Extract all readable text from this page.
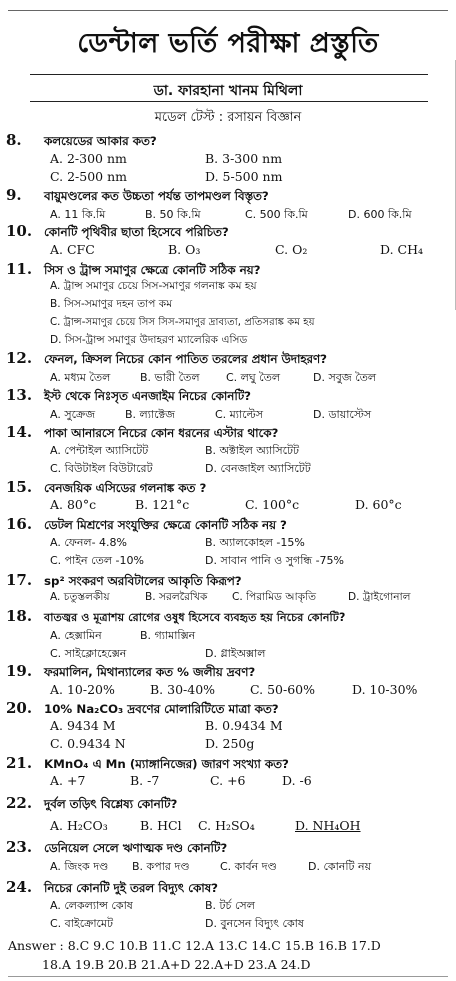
ডেন্টাল ভর্তি পরীক্ষা প্রস্তুতি
ডা. ফারহানা খানম মিথিলা
মডেল টেস্ট : রসায়ন বিজ্ঞান
8. কলয়েডের আকার কত?
A. 2-300 nm	B. 3-300 nm
C. 2-500 nm	D. 5-500 nm
9. বায়ুমণ্ডলের কত উচ্চতা পর্যন্ত তাপমণ্ডল বিস্তৃত?
A. 11 কি.মি	B. 50 কি.মি	C. 500 কি.মি	D. 600 কি.মি
10. কোনটি পৃথিবীর ছাতা হিসেবে পরিচিত?
A. CFC	B. O₃	C. O₂	D. CH₄
11. সিস ও ট্রান্স সমাণুর ক্ষেত্রে কোনটি সঠিক নয়?
A. ট্রান্স সমাণুর চেয়ে সিস-সমাণুর গলনাঙ্ক কম হয়
B. সিস-সমাণুর দহন তাপ কম
C. ট্রান্স-সমাণুর চেয়ে সিস সিস-সমাণুর দ্রাব্যতা, প্রতিসরাঙ্ক কম হয়
D. সিস-ট্রান্স সমাণুর উদাহরণ ম্যালেরিক এসিড
12. ফেনল, ক্রিসল নিচের কোন পাতিত তরলের প্রধান উদাহরণ?
A. মধ্যম তৈল	B. ভারী তৈল C. লঘু তৈল	D. সবুজ তৈল
13. ইস্ট থেকে নিঃসৃত এনজাইম নিচের কোনটি?
A. সুক্রেজ	B. ল্যাক্টেজ	C. ম্যাল্টেস	D. ডায়াস্টেস
14. পাকা আনারসে নিচের কোন ধরনের এস্টার থাকে?
A. পেন্টাইল অ্যাসিটেট	B. অক্টাইল অ্যাসিটেট
C. বিউটাইল বিউটারেট	D. বেনজাইল অ্যাসিটেট
15. বেনজয়িক এসিডের গলনাঙ্ক কত ?
A. 80°c	B. 121°c	C. 100°c	D. 60°c
16. ডেটল মিশ্রণের সংযুক্তির ক্ষেত্রে কোনটি সঠিক নয় ?
A. ফেনল- 4.8%	B. অ্যালকোহল -15%
C. পাইন তেল -10%	D. সাবান পানি ও সুগন্ধি -75%
17. sp² সংকরণ অরবিটালের আকৃতি কিরূপ?
A. চতুস্তলকীয়	B. সরলরৈখিক C. পিরামিড আকৃতি	D. ট্রাইগোনাল
18. বাতজ্বর ও মূত্রাশয় রোগের ওষুধ হিসেবে ব্যবহৃত হয় নিচের কোনটি?
A. হেক্সামিন	B. গ্যামাক্সিন
C. সাইক্লোহেক্সেন	D. গ্লাইঅক্সাল
19. ফরমালিন, মিথান্যালের কত % জলীয় দ্রবণ?
A. 10-20%	B. 30-40%	C. 50-60%	D. 10-30%
20. 10% Na₂CO₃ দ্রবণের মোলারিটিতে মাত্রা কত?
A. 9434 M	B. 0.9434 M
C. 0.9434 N	D. 250g
21. KMnO₄ এ Mn (ম্যাঙ্গানিজের) জারণ সংখ্যা কত?
A. +7	B. -7	C. +6	D. -6
22. দুর্বল তড়িৎ বিশ্লেষ্য কোনটি?
A. H₂CO₃	B. HCl C. H₂SO₄	D. NH₄OH
23. ডেনিয়েল সেলে ঋণাত্মক দণ্ড কোনটি?
A. জিংক দণ্ড B. কপার দণ্ড	C. কার্বন দণ্ড	D. কোনটি নয়
24. নিচের কোনটি দুই তরল বিদ্যুৎ কোষ?
A. লেকল্যান্স কোষ	B. টর্চ সেল
C. বাইক্রোমেট	D. বুনসেন বিদ্যুৎ কোষ
Answer : 8.C 9.C 10.B 11.C 12.A 13.C 14.C 15.B 16.B 17.D
18.A 19.B 20.B 21.A+D 22.A+D 23.A 24.D
